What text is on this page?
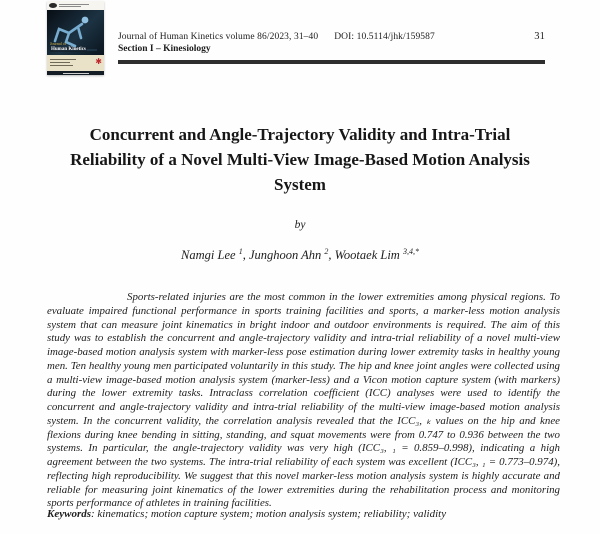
Journal of
Human Kinetics
✱
Journal of Human Kinetics volume 86/2023, 31–40 DOI: 10.5114/jhk/159587	31
Section I – Kinesiology
Concurrent and Angle-Trajectory Validity and Intra-Trial Reliability of a Novel Multi-View Image-Based Motion Analysis System
by
Namgi Lee $^1$, Junghoon Ahn $^2$, Wootaek Lim $^{3,4,*}$

Sports-related injuries are the most common in the lower extremities among physical regions. To evaluate impaired functional performance in sports training facilities and sports, a marker-less motion analysis system that can measure joint kinematics in bright indoor and outdoor environments is required. The aim of this study was to establish the concurrent and angle-trajectory validity and intra-trial reliability of a novel multi-view image-based motion analysis system with marker-less pose estimation during lower extremity tasks in healthy young men. Ten healthy young men participated voluntarily in this study. The hip and knee joint angles were collected using a multi-view image-based motion analysis system (marker-less) and a Vicon motion capture system (with markers) during the lower extremity tasks. Intraclass correlation coefficient (ICC) analyses were used to identify the concurrent and angle-trajectory validity and intra-trial reliability of the multi-view image-based motion analysis system. In the concurrent validity, the correlation analysis revealed that the ICC₃, ₖ values on the hip and knee flexions during knee bending in sitting, standing, and squat movements were from 0.747 to 0.936 between the two systems. In particular, the angle-trajectory validity was very high (ICC₃, ₁ = 0.859–0.998), indicating a high agreement between the two systems. The intra-trial reliability of each system was excellent (ICC₃, ₁ = 0.773–0.974), reflecting high reproducibility. We suggest that this novel marker-less motion analysis system is highly accurate and reliable for measuring joint kinematics of the lower extremities during the rehabilitation process and monitoring sports performance of athletes in training facilities.

Keywords: kinematics; motion capture system; motion analysis system; reliability; validity
